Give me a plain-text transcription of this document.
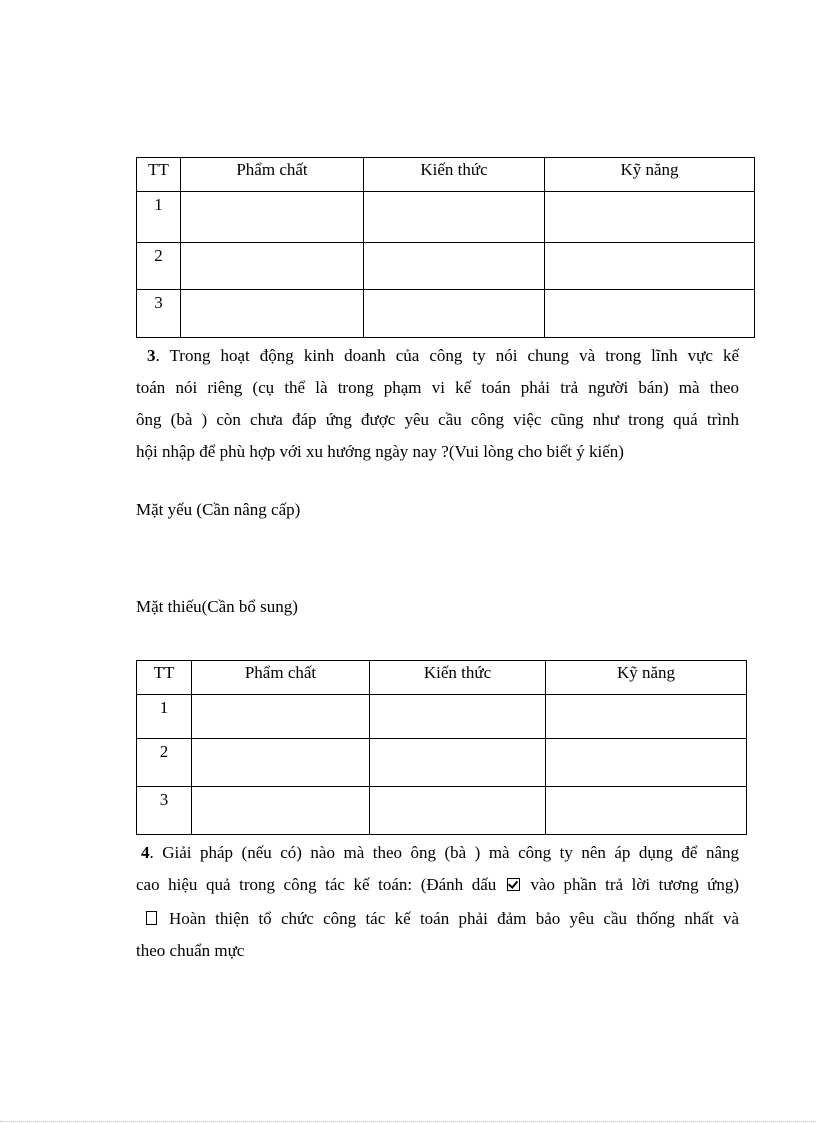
TT	Phẩm chất	Kiến thức	Kỹ năng
1			
2			
3			
3. Trong hoạt động kinh doanh của công ty nói chung và trong lĩnh vực kế
toán nói riêng (cụ thể là trong phạm vi kế toán phải trả người bán) mà theo
ông (bà ) còn chưa đáp ứng được yêu cầu công việc cũng như trong quá trình
hội nhập để phù hợp với xu hướng ngày nay ?(Vui lòng cho biết ý kiến)
Mặt yếu (Cần nâng cấp)
Mặt thiếu(Cần bổ sung)
TT	Phẩm chất	Kiến thức	Kỹ năng
1			
2			
3			
4. Giải pháp (nếu có) nào mà theo ông (bà ) mà công ty nên áp dụng để nâng
cao hiệu quả trong công tác kế toán: (Đánh dấu vào phần trả lời tương ứng)
Hoàn thiện tổ chức công tác kế toán phải đảm bảo yêu cầu thống nhất và
theo chuẩn mực
